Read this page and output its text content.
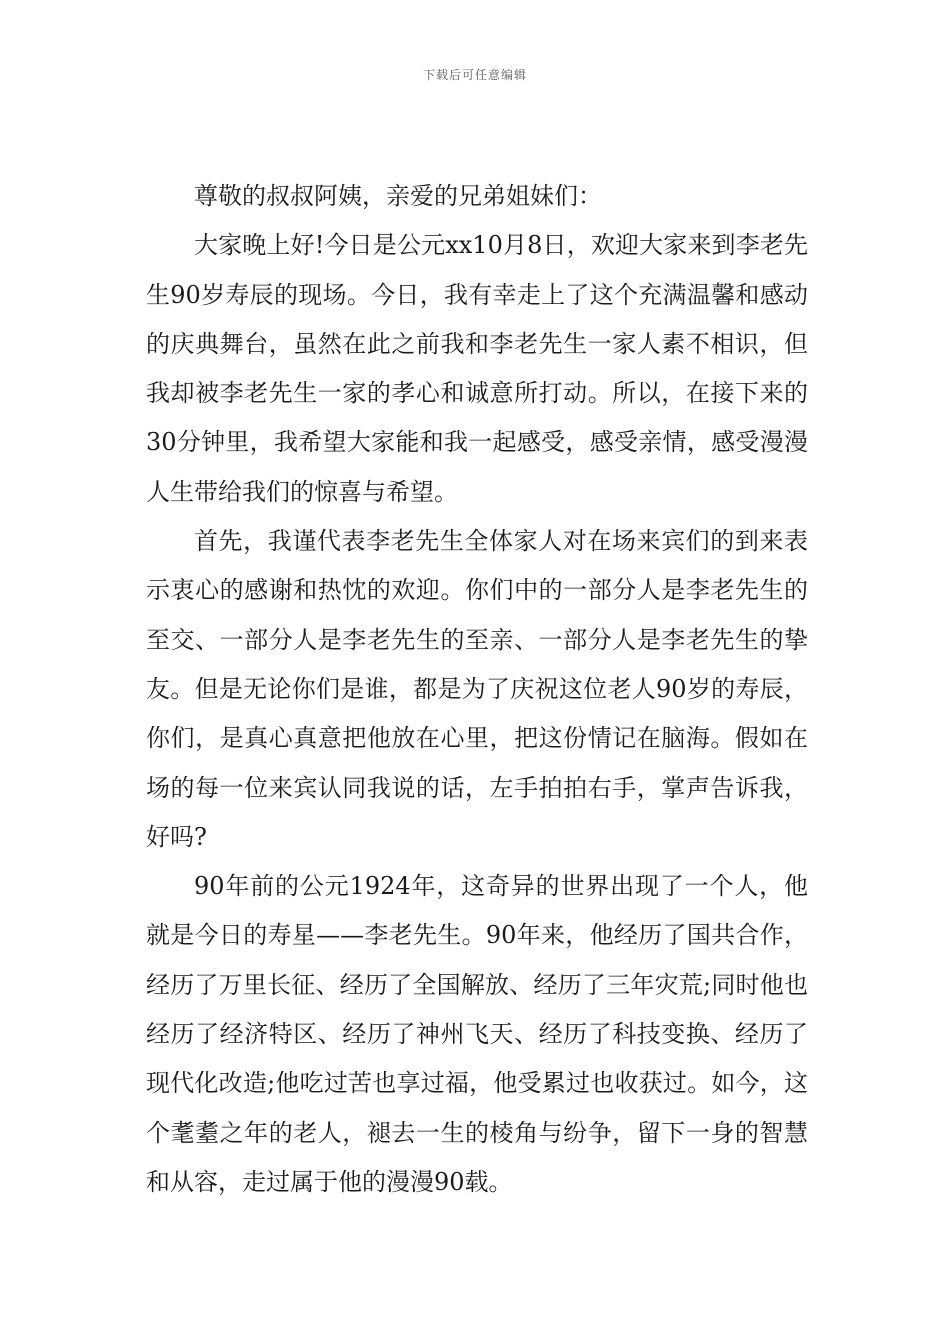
下载后可任意编辑

尊敬的叔叔阿姨，亲爱的兄弟姐妹们：

大家晚上好!今日是公元xx10月8日，欢迎大家来到李老先生90岁寿辰的现场。今日，我有幸走上了这个充满温馨和感动的庆典舞台，虽然在此之前我和李老先生一家人素不相识，但我却被李老先生一家的孝心和诚意所打动。所以，在接下来的30分钟里，我希望大家能和我一起感受，感受亲情，感受漫漫人生带给我们的惊喜与希望。

首先，我谨代表李老先生全体家人对在场来宾们的到来表示衷心的感谢和热忱的欢迎。你们中的一部分人是李老先生的至交、一部分人是李老先生的至亲、一部分人是李老先生的挚友。但是无论你们是谁，都是为了庆祝这位老人90岁的寿辰，你们，是真心真意把他放在心里，把这份情记在脑海。假如在场的每一位来宾认同我说的话，左手拍拍右手，掌声告诉我，好吗?

90年前的公元1924年，这奇异的世界出现了一个人，他就是今日的寿星——李老先生。90年来，他经历了国共合作，经历了万里长征、经历了全国解放、经历了三年灾荒;同时他也经历了经济特区、经历了神州飞天、经历了科技变换、经历了现代化改造;他吃过苦也享过福，他受累过也收获过。如今，这个耄耋之年的老人，褪去一生的棱角与纷争，留下一身的智慧和从容，走过属于他的漫漫90载。
